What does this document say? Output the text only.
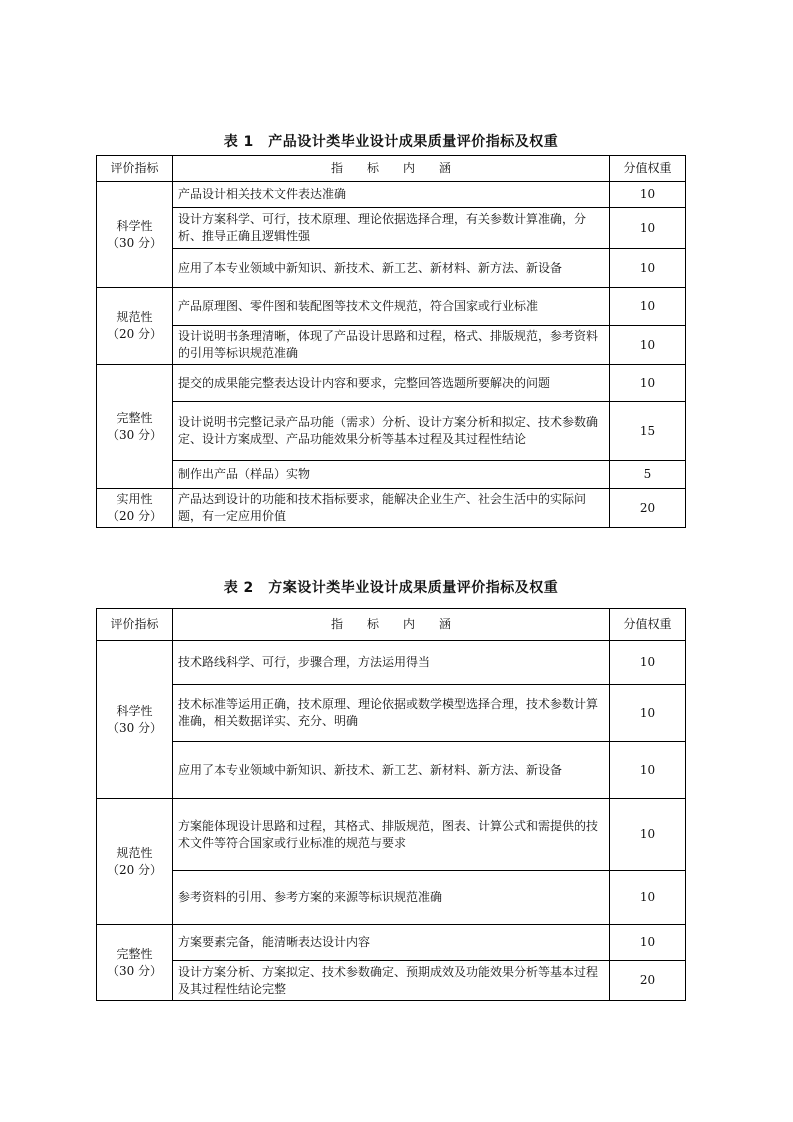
表 1　产品设计类毕业设计成果质量评价指标及权重
评价指标	指　　标　　内　　涵	分值权重

科学性
（30 分）	产品设计相关技术文件表达准确	10
	设计方案科学、可行，技术原理、理论依据选择合理，有关参数计算准确，分析、推导正确且逻辑性强	10
	应用了本专业领域中新知识、新技术、新工艺、新材料、新方法、新设备	10

规范性
（20 分）	产品原理图、零件图和装配图等技术文件规范，符合国家或行业标准	10
	设计说明书条理清晰，体现了产品设计思路和过程，格式、排版规范，参考资料的引用等标识规范准确	10

完整性
（30 分）	提交的成果能完整表达设计内容和要求，完整回答选题所要解决的问题	10
	设计说明书完整记录产品功能（需求）分析、设计方案分析和拟定、技术参数确定、设计方案成型、产品功能效果分析等基本过程及其过程性结论	15
	制作出产品（样品）实物	5

实用性
（20 分）	产品达到设计的功能和技术指标要求，能解决企业生产、社会生活中的实际问题，有一定应用价值	20
表 2　方案设计类毕业设计成果质量评价指标及权重
评价指标	指　　标　　内　　涵	分值权重

科学性
（30 分）	技术路线科学、可行，步骤合理，方法运用得当	10
	技术标准等运用正确，技术原理、理论依据或数学模型选择合理，技术参数计算准确，相关数据详实、充分、明确	10
	应用了本专业领域中新知识、新技术、新工艺、新材料、新方法、新设备	10

规范性
（20 分）	方案能体现设计思路和过程，其格式、排版规范，图表、计算公式和需提供的技术文件等符合国家或行业标准的规范与要求	10
	参考资料的引用、参考方案的来源等标识规范准确	10

完整性
（30 分）	方案要素完备，能清晰表达设计内容	10
	设计方案分析、方案拟定、技术参数确定、预期成效及功能效果分析等基本过程及其过程性结论完整	20
